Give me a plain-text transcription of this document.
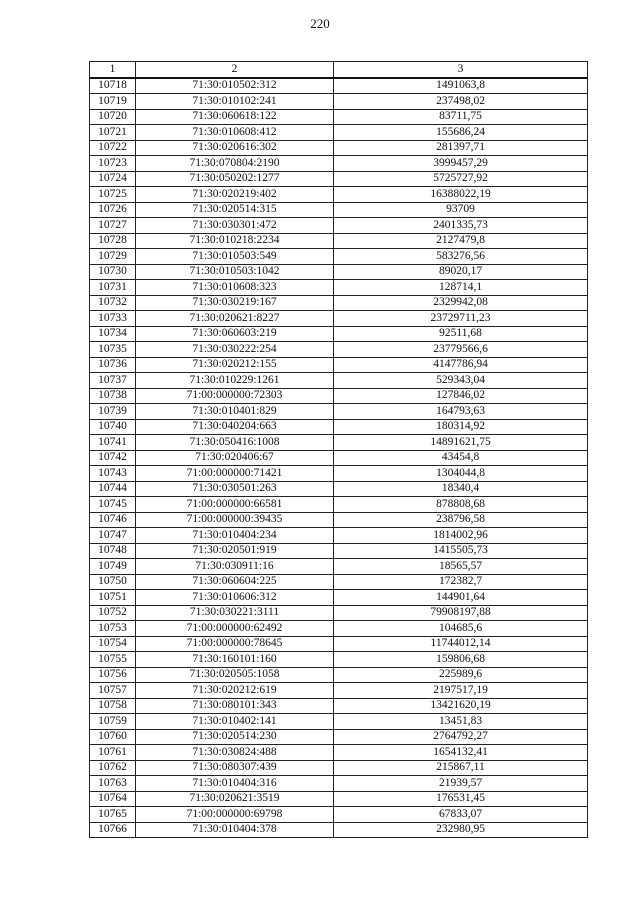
220
1	2	3
10718	71:30:010502:312	1491063,8
10719	71:30:010102:241	237498,02
10720	71:30:060618:122	83711,75
10721	71:30:010608:412	155686,24
10722	71:30:020616:302	281397,71
10723	71:30:070804:2190	3999457,29
10724	71:30:050202:1277	5725727,92
10725	71:30:020219:402	16388022,19
10726	71:30:020514:315	93709
10727	71:30:030301:472	2401335,73
10728	71:30:010218:2234	2127479,8
10729	71:30:010503:549	583276,56
10730	71:30:010503:1042	89020,17
10731	71:30:010608:323	128714,1
10732	71:30:030219:167	2329942,08
10733	71:30:020621:8227	23729711,23
10734	71:30:060603:219	92511,68
10735	71:30:030222:254	23779566,6
10736	71:30:020212:155	4147786,94
10737	71:30:010229:1261	529343,04
10738	71:00:000000:72303	127846,02
10739	71:30:010401:829	164793,63
10740	71:30:040204:663	180314,92
10741	71:30:050416:1008	14891621,75
10742	71:30:020406:67	43454,8
10743	71:00:000000:71421	1304044,8
10744	71:30:030501:263	18340,4
10745	71:00:000000:66581	878808,68
10746	71:00:000000:39435	238796,58
10747	71:30:010404:234	1814002,96
10748	71:30:020501:919	1415505,73
10749	71:30:030911:16	18565,57
10750	71:30:060604:225	172382,7
10751	71:30:010606:312	144901,64
10752	71:30:030221:3111	79908197,88
10753	71:00:000000:62492	104685,6
10754	71:00:000000:78645	11744012,14
10755	71:30:160101:160	159806,68
10756	71:30:020505:1058	225989,6
10757	71:30:020212:619	2197517,19
10758	71:30:080101:343	13421620,19
10759	71:30:010402:141	13451,83
10760	71:30:020514:230	2764792,27
10761	71:30:030824:488	1654132,41
10762	71:30:080307:439	215867,11
10763	71:30:010404:316	21939,57
10764	71:30:020621:3519	176531,45
10765	71:00:000000:69798	67833,07
10766	71:30:010404:378	232980,95
